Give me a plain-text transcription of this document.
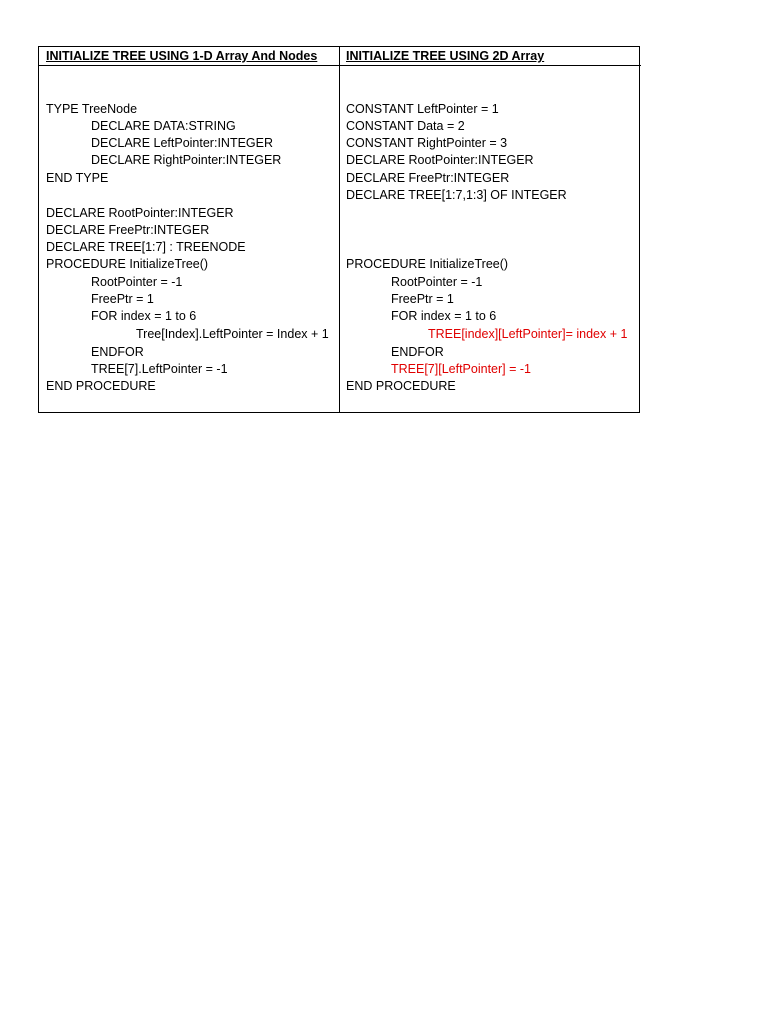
INITIALIZE TREE USING 1-D Array And Nodes INITIALIZE TREE USING 2D Array
TYPE TreeNode
DECLARE DATA:STRING
DECLARE LeftPointer:INTEGER
DECLARE RightPointer:INTEGER
END TYPE
DECLARE RootPointer:INTEGER
DECLARE FreePtr:INTEGER
DECLARE TREE[1:7] : TREENODE
PROCEDURE InitializeTree()
RootPointer = -1
FreePtr = 1
FOR index = 1 to 6
Tree[Index].LeftPointer = Index + 1
ENDFOR
TREE[7].LeftPointer = -1
END PROCEDURE
CONSTANT LeftPointer = 1
CONSTANT Data = 2
CONSTANT RightPointer = 3
DECLARE RootPointer:INTEGER
DECLARE FreePtr:INTEGER
DECLARE TREE[1:7,1:3] OF INTEGER
PROCEDURE InitializeTree()
RootPointer = -1
FreePtr = 1
FOR index = 1 to 6
TREE[index][LeftPointer]= index + 1
ENDFOR
TREE[7][LeftPointer] = -1
END PROCEDURE
